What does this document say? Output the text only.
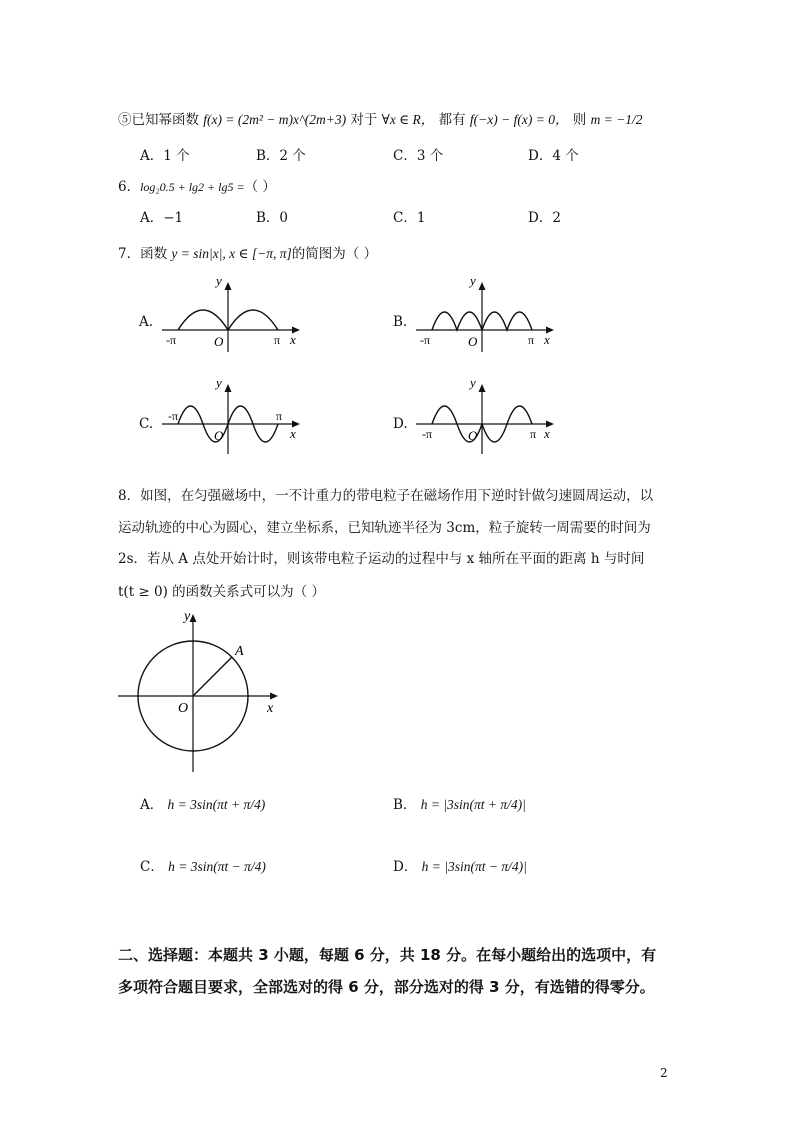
⑤已知幂函数 f(x) = (2m² − m)x^(2m+3) 对于 ∀x ∈ R， 都有 f(−x) − f(x) = 0， 则 m = −1/2
A．1 个	B．2 个	C．3 个	D．4 个
6．log₂0.5 + lg2 + lg5 =（ ）
A．−1	B．0	C．1	D．2
7．函数 y = sin|x|, x ∈ [−π, π]的简图为（ ）
A.
y
-π	O	π x
B.
y
-π	O	π x
C.
y
-π
O
π
x
D.
y
-π	O	π x
8．如图，在匀强磁场中，一不计重力的带电粒子在磁场作用下逆时针做匀速圆周运动，以
运动轨迹的中心为圆心，建立坐标系，已知轨迹半径为 3cm，粒子旋转一周需要的时间为
2s．若从 A 点处开始计时，则该带电粒子运动的过程中与 x 轴所在平面的距离 h 与时间
t(t ≥ 0) 的函数关系式可以为（ ）
y
x
O
A
A． h = 3sin(πt + π/4)	B． h = |3sin(πt + π/4)|
C． h = 3sin(πt − π/4)	D． h = |3sin(πt − π/4)|
二、选择题：本题共 3 小题，每题 6 分，共 18 分。在每小题给出的选项中，有
多项符合题目要求，全部选对的得 6 分，部分选对的得 3 分，有选错的得零分。
2
